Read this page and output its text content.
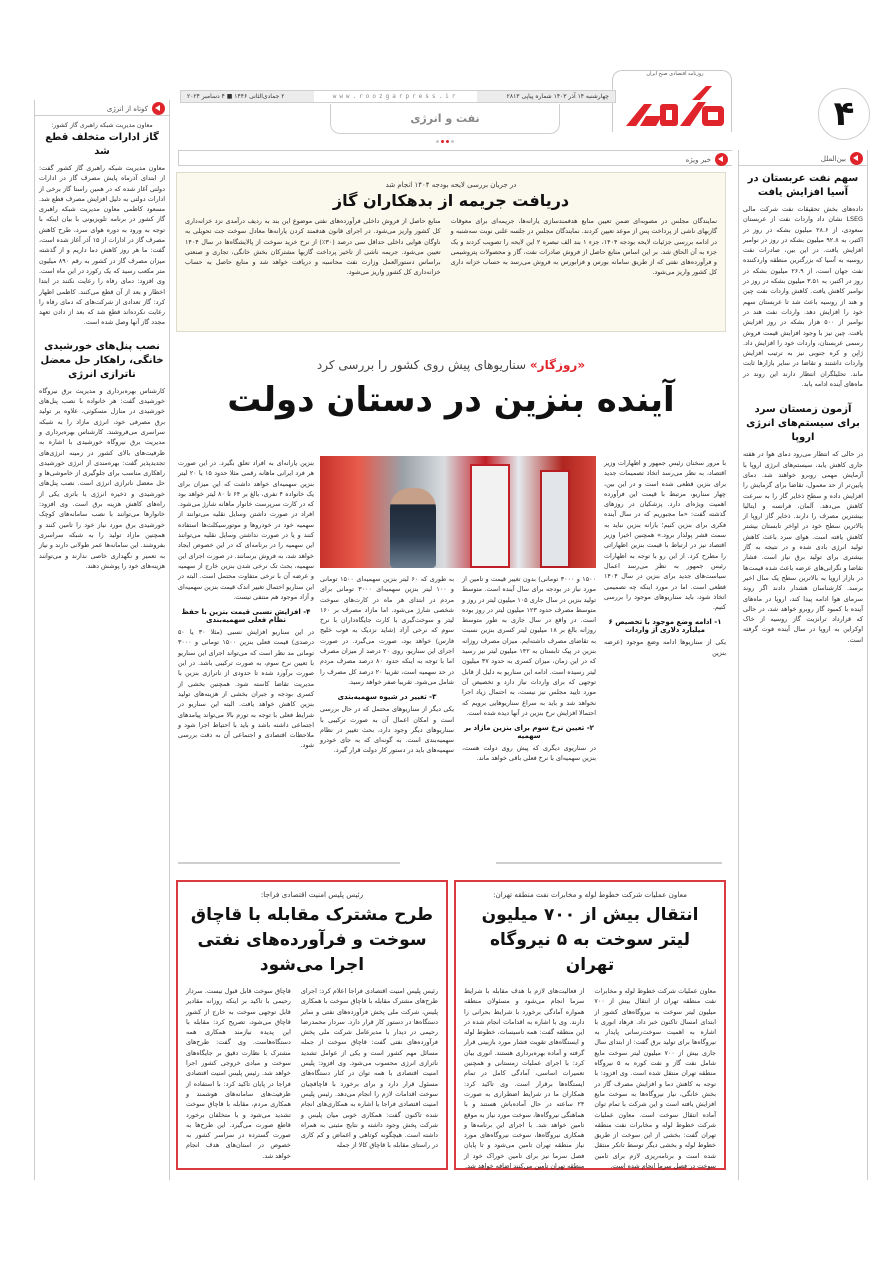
روزنامه اقتصادی صبح ایران
۴
چهارشنبه ۱۴ آذر ۱۴۰۳ شماره پیاپی ۲۸۱۳
www.roozgarpress.ir
۲ جمادی‌الثانی ۱۴۴۶ ■ ۴ دسامبر ۲۰۲۴
نفت و انرژی
کوتاه از انرژی
معاون مدیریت شبکه راهبری گاز کشور:
گاز ادارات متخلف قطع شد

معاون مدیریت شبکه راهبری گاز کشور گفت: از ابتدای آذرماه پایش مصرف گاز در ادارات دولتی آغاز شده که در همین راستا گاز برخی از ادارات دولتی به دلیل افزایش مصرف قطع شد. مسعود کاظمی معاون مدیریت شبکه راهبری گاز کشور در برنامه تلویزیونی با بیان اینکه با توجه به ورود به دوره هوای سرد، طرح کاهش مصرف گاز در ادارات از ۱۵ آذر آغاز شده است، گفت: ما هر روز کاهش دما داریم و از گذشته میزان مصرف گاز در کشور به رقم ۸۹۰ میلیون متر مکعب رسید که یک رکورد در این ماه است. وی افزود: دمای رفاه را رعایت نکنند در ابتدا اخطار و بعد از آن قطع می‌کنند. کاظمی اظهار کرد: گاز تعدادی از شرکت‌های که دمای رفاه را رعایت نکرده‌اند قطع شد که بعد از دادن تعهد مجدد گاز آنها وصل شده است.

نصب پنل‌های خورشیدی خانگی، راهکار حل معضل ناترازی انرژی

کارشناس بهره‌برداری و مدیریت برق نیروگاه خورشیدی گفت: هر خانواده با نصب پنل‌های خورشیدی در منازل مسکونی، علاوه بر تولید برق مصرفی خود، انرژی مازاد را به شبکه سراسری می‌فروشند. کارشناس بهره‌برداری و مدیریت برق نیروگاه خورشیدی با اشاره به ظرفیت‌های بالای کشور در زمینه انرژی‌های تجدیدپذیر گفت: بهره‌مندی از انرژی خورشیدی راهکاری مناسب برای جلوگیری از خاموشی‌ها و حل معضل ناترازی انرژی است. نصب پنل‌های خورشیدی و ذخیره انرژی با باتری یکی از راه‌های کاهش هزینه برق است. وی افزود: خانوارها می‌توانند با نصب سامانه‌های کوچک خورشیدی برق مورد نیاز خود را تامین کنند و همچنین مازاد تولید را به شبکه سراسری بفروشند. این سامانه‌ها عمر طولانی دارند و نیاز به تعمیر و نگهداری خاصی ندارند و می‌توانند هزینه‌های خود را پوشش دهند.

بین‌الملل
سهم نفت عربستان در آسیا افزایش یافت

داده‌های بخش تحقیقات نفت شرکت مالی LSEG نشان داد واردات نفت از عربستان سعودی، از ۲۸.۶ میلیون بشکه در روز در اکتبر، به ۹۲.۸ میلیون بشکه در روز در نوامبر افزایش یافت. در این بین، صادرات نفت روسیه به آسیا که بزرگترین منطقه وارد‌کننده نفت جهان است، از ۲۶.۹ میلیون بشکه در روز در اکتبر، به ۳.۵۱ میلیون بشکه در روز در نوامبر کاهش یافت. کاهش واردات نفت چین و هند از روسیه باعث شد تا عربستان سهم خود را افزایش دهد. واردات نفت هند در نوامبر از ۵۰۰ هزار بشکه در روز افزایش یافت. چین نیز با وجود افزایش قیمت فروش رسمی عربستان، واردات خود را افزایش داد. ژاپن و کره جنوبی نیز به ترتیب افزایش واردات داشتند و تقاضا در سایر بازارها ثابت ماند. تحلیلگران انتظار دارند این روند در ماه‌های آینده ادامه یابد.

آزمون زمستان سرد برای سیستم‌های انرژی اروپا

در حالی که انتظار می‌رود دمای هوا در هفته جاری کاهش یابد، سیستم‌های انرژی اروپا با آزمایش مهمی روبرو خواهند شد. دمای پایین‌تر از حد معمول، تقاضا برای گرمایش را افزایش داده و سطح ذخایر گاز را به سرعت کاهش می‌دهد. آلمان، فرانسه و ایتالیا بیشترین مصرف را دارند. ذخایر گاز اروپا از بالاترین سطح خود در اواخر تابستان بیشتر کاهش یافته است. هوای سرد باعث کاهش تولید انرژی بادی شده و در نتیجه به گاز بیشتری برای تولید برق نیاز است. فشار تقاضا و نگرانی‌های عرضه باعث شده قیمت‌ها در بازار اروپا به بالاترین سطح یک سال اخیر برسد. کارشناسان هشدار دادند اگر روند سرمای هوا ادامه پیدا کند، اروپا در ماه‌های آینده با کمبود گاز روبرو خواهد شد، در حالی که قرارداد ترانزیت گاز روسیه از خاک اوکراین به اروپا در سال آینده فوت گرفته است.

خبر ویژه
در جریان بررسی لایحه بودجه ۱۴۰۴ انجام شد
دریافت جریمه از بدهکاران گاز

نمایندگان مجلس در مصوبه‌ای ضمن تعیین منابع هدفمندسازی یارانه‌ها، جریمه‌ای برای معوقات گازبهای ناشی از پرداخت پس از موعد تعیین کردند. نمایندگان مجلس در جلسه علنی نوبت سه‌شنبه و در ادامه بررسی جزئیات لایحه بودجه ۱۴۰۴، جزء ۱ بند الف تبصره ۲ این لایحه را تصویب کردند و یک جزء به آن الحاق شد. بر این اساس منابع حاصل از فروش صادرات نفت، گاز و محصولات پتروشیمی و فرآورده‌های نفتی که از طریق سامانه بورس و فرابورس به فروش می‌رسد به حساب خزانه داری کل کشور واریز می‌شود.

منابع حاصل از فروش داخلی فرآورده‌های نفتی موضوع این بند به ردیف درآمدی نزد خزانه‌داری کل کشور واریز می‌شود. در اجرای قانون هدفمند کردن یارانه‌ها معادل سوخت جت تحویلی به ناوگان هوایی داخلی حداقل سی درصد (۳۰٪) از نرخ خرید سوخت از پالایشگاه‌ها در سال ۱۴۰۴ تعیین می‌شود. جریمه ناشی از تاخیر پرداخت گازبها مشترکان بخش خانگی، تجاری و صنعتی براساس دستورالعمل وزارت نفت محاسبه و دریافت خواهد شد و منابع حاصل به حساب خزانه‌داری کل کشور واریز می‌شود.

«روزگار» سناریوهای پیش روی کشور را بررسی کرد
آینده بنزین در دستان دولت

با مرور سخنان رئیس جمهور و اظهارات وزیر اقتصاد، به نظر می‌رسد اتخاذ تصمیمات جدید برای بنزین قطعی شده است و در این بین، چهار سناریو، مرتبط با قیمت این فرآورده اهمیت ویژه‌ای دارد. پزشکیان در روزهای گذشته گفت: «ما مجبوریم که در سال آینده فکری برای بنزین کنیم؛ یارانه بنزین نباید به سمت قشر پولدار برود.» همچنین اخیرا وزیر اقتصاد نیز در ارتباط با قیمت بنزین اظهاراتی را مطرح کرد. از این رو با توجه به اظهارات رئیس جمهور به نظر می‌رسد اعمال سیاست‌های جدید برای بنزین در سال ۱۴۰۴ قطعی است. اما در مورد اینکه چه تصمیمی اتخاذ شود، باید سناریوهای موجود را بررسی کنیم.

۱- ادامه وضع موجود با تخصیص ۶ میلیارد دلاری از واردات

یکی از سناریوها ادامه وضع موجود (عرضه بنزین

۱۵۰۰ و ۳۰۰۰ تومانی) بدون تغییر قیمت و تامین از مورد نیاز در بودجه برای سال آینده است. متوسط تولید بنزین در سال جاری ۱۰۵ میلیون لیتر در روز و متوسط مصرف حدود ۱۲۳ میلیون لیتر در روز بوده است. در واقع در سال جاری به طور متوسط روزانه بالغ بر ۱۸ میلیون لیتر کسری بنزین نسبت به تقاضای مصرف داشته‌ایم. میزان مصرف روزانه بنزین در پیک تابستان به ۱۴۲ میلیون لیتر نیز رسید که در این زمان، میزان کسری به حدود ۳۷ میلیون لیتر رسیده است. ادامه این سناریو به دلیل از قابل توجهی که برای واردات نیاز دارد و تخصیص آن مورد تایید مجلس نیز نیست، به احتمال زیاد اجرا نخواهد شد و باید به سراغ سناریوهایی برویم که احتمالا افزایش نرخ بنزین در آنها دیده شده است.

۲- تعیین نرخ سوم برای بنزین مازاد بر سهمیه

در سناریوی دیگری که پیش روی دولت هست، بنزین سهمیه‌ای با نرخ فعلی باقی خواهد ماند.

به طوری که ۶۰ لیتر بنزین سهمیه‌ای ۱۵۰۰ تومانی و ۱۰۰ لیتر بنزین سهمیه‌ای ۳۰۰۰ تومانی برای مردم در ابتدای هر ماه در کارت‌های سوخت شخصی شارژ می‌شود. اما مازاد مصرف بر ۱۶۰ لیتر و سوخت‌گیری با کارت جایگاه‌داران با نرخ سوم که نرخی آزاد (شاید نزدیک به فوب خلیج فارس) خواهد بود، صورت می‌گیرد. در صورت اجرای این سناریو، روی ۲۰ درصد از میزان مصرف اما با توجه به اینکه حدود ۸۰ درصد مصرف مردم در حد سهمیه است، تقریبا ۲۰ درصد کل مصرف را شامل می‌شود. تقریبا صفر خواهد رسید.

۳- تغییر در شیوه سهمیه‌بندی

یکی دیگر از سناریوهای محتمل که در حال بررسی است و امکان اعمال آن به صورت ترکیبی با سناریوهای دیگر وجود دارد، بحث تغییر در نظام سهمیه‌بندی است. به گونه‌ای که به جای خودرو سهمیه‌های باید در دستور کار دولت قرار گیرد.

بنزین یارانه‌ای به افراد تعلق بگیرد. در این صورت هر فرد ایرانی ماهانه رقمی مثلا حدود ۱۵ یا ۲۰ لیتر بنزین سهمیه‌ای خواهد داشت که این میزان برای یک خانواده ۴ نفری، بالغ بر ۶۴ تا ۸۰ لیتر خواهد بود که در کارت سرپرست خانوار ماهانه شارژ می‌شود. افراد در صورت داشتن وسایل نقلیه می‌توانند از سهمیه خود در خودروها و موتورسیکلت‌ها استفاده کنند و یا در صورت نداشتن وسایل نقلیه می‌توانند این سهمیه را در برنامه‌ای که در این خصوص ایجاد خواهد شد، به فروش برسانند. در صورت اجرای این سهمیه، بحث تک نرخی شدن بنزین خارج از سهمیه و عرضه آن با نرخی متفاوت محتمل است. البته در این سناریو احتمال تغییر اندک قیمت بنزین سهمیه‌ای و آزاد موجود هم منتفی نیست.

۴- افزایش نسبی قیمت بنزین با حفظ نظام فعلی سهمیه‌بندی

در این سناریو افزایش نسبی (مثلا ۳۰ یا ۵۰ درصدی) قیمت فعلی بنزین ۱۵۰۰ تومانی و ۳۰۰۰ تومانی مد نظر است که می‌تواند اجرای این سناریو با تعیین نرخ سوم، به صورت ترکیبی باشد. در این صورت برآورد شده تا حدودی از ناترازی بنزین با مدیریت تقاضا کاسته شود. همچنین بخشی از کسری بودجه و جبران بخشی از هزینه‌های تولید بنزین کاهش خواهد یافت. البته این سناریو در شرایط فعلی با توجه به تورم بالا می‌تواند پیامدهای اجتماعی داشته باشد و باید با احتیاط اجرا شود و ملاحظات اقتصادی و اجتماعی آن به دقت بررسی شود.

معاون عملیات شرکت خطوط لوله و مخابرات نفت منطقه تهران:
انتقال بیش از ۷۰۰ میلیون لیتر سوخت به ۵ نیروگاه تهران

معاون عملیات شرکت خطوط لوله و مخابرات نفت منطقه تهران از انتقال بیش از ۷۰۰ میلیون لیتر سوخت به نیروگاه‌های کشور از ابتدای امسال تاکنون خبر داد. فرهاد انوری با اشاره به اهمیت سوخت‌رسانی پایدار به نیروگاه‌ها برای تولید برق گفت: از ابتدای سال جاری بیش از ۷۰۰ میلیون لیتر سوخت مایع شامل نفت گاز و نفت کوره به ۵ نیروگاه منطقه تهران منتقل شده است. وی افزود: با توجه به کاهش دما و افزایش مصرف گاز در بخش خانگی، نیاز نیروگاه‌ها به سوخت مایع افزایش یافته است و این شرکت با تمام توان آماده انتقال سوخت است. معاون عملیات شرکت خطوط لوله و مخابرات نفت منطقه تهران گفت: بخشی از این سوخت از طریق خطوط لوله و بخشی دیگر توسط تانکر منتقل شده است و برنامه‌ریزی لازم برای تامین سوخت در فصل سرما انجام شده است.

از فعالیت‌های لازم با هدف مقابله با شرایط سرما انجام می‌شود و مسئولان منطقه همواره آمادگی برخورد با شرایط بحرانی را دارند. وی با اشاره به اقدامات انجام شده در این منطقه گفت: همه تاسیسات، خطوط لوله و ایستگاه‌های تقویت فشار مورد بازبینی قرار گرفته و آماده بهره‌برداری هستند. انوری بیان کرد: با اجرای عملیات زمستانی و همچنین تعمیرات اساسی، آمادگی کامل در تمام ایستگاه‌ها برقرار است. وی تاکید کرد: همکاران ما در شرایط اضطراری به صورت ۲۴ ساعته در حال آماده‌باش هستند و با هماهنگی نیروگاه‌ها، سوخت مورد نیاز به موقع تامین خواهد شد. با اجرای این برنامه‌ها و همکاری نیروگاه‌ها، سوخت نیروگاه‌های مورد نیاز منطقه تهران تامین می‌شود و تا پایان فصل سرما نیز برای تامین خوراک خود از منطقه تهران تامین می‌کنند اضافه خواهد شد.

رئیس پلیس امنیت اقتصادی فراجا:
طرح مشترک مقابله با قاچاق سوخت و فرآورده‌های نفتی اجرا می‌شود

رئیس پلیس امنیت اقتصادی فراجا اعلام کرد: اجرای طرح‌های مشترک مقابله با قاچاق سوخت با همکاری پلیس، شرکت ملی پخش فرآورده‌های نفتی و سایر دستگاه‌ها در دستور کار قرار دارد. سردار محمدرضا رحیمی در دیدار با مدیرعامل شرکت ملی پخش فرآورده‌های نفتی گفت: قاچاق سوخت از جمله مسائل مهم کشور است و یکی از عوامل تشدید ناترازی انرژی محسوب می‌شود. وی افزود: پلیس امنیت اقتصادی با همه توان در کنار دستگاه‌های مسئول قرار دارد و برای برخورد با قاچاقچیان سوخت اقدامات لازم را انجام می‌دهد. رئیس پلیس امنیت اقتصادی فراجا با اشاره به همکاری‌های انجام شده تاکنون گفت: همکاری خوبی میان پلیس و شرکت پخش وجود داشته و نتایج مثبتی به همراه داشته است. هیچگونه کوتاهی و اغماض و کم کاری در راستای مقابله با قاچاق کالا از جمله

قاچاق سوخت قابل قبول نیست. سردار رحیمی با تاکید بر اینکه روزانه مقادیر قابل توجهی سوخت به خارج از کشور قاچاق می‌شود، تصریح کرد: مقابله با این پدیده نیازمند همکاری همه دستگاه‌هاست. وی گفت: طرح‌های مشترک با نظارت دقیق بر جایگاه‌های سوخت و مبادی خروجی کشور اجرا خواهد شد. رئیس پلیس امنیت اقتصادی فراجا در پایان تاکید کرد: با استفاده از ظرفیت‌های سامانه‌های هوشمند و همکاری مردم، مقابله با قاچاق سوخت تشدید می‌شود و با متخلفان برخورد قاطع صورت می‌گیرد. این طرح‌ها به صورت گسترده در سراسر کشور به خصوص در استان‌های هدف انجام خواهد شد.
